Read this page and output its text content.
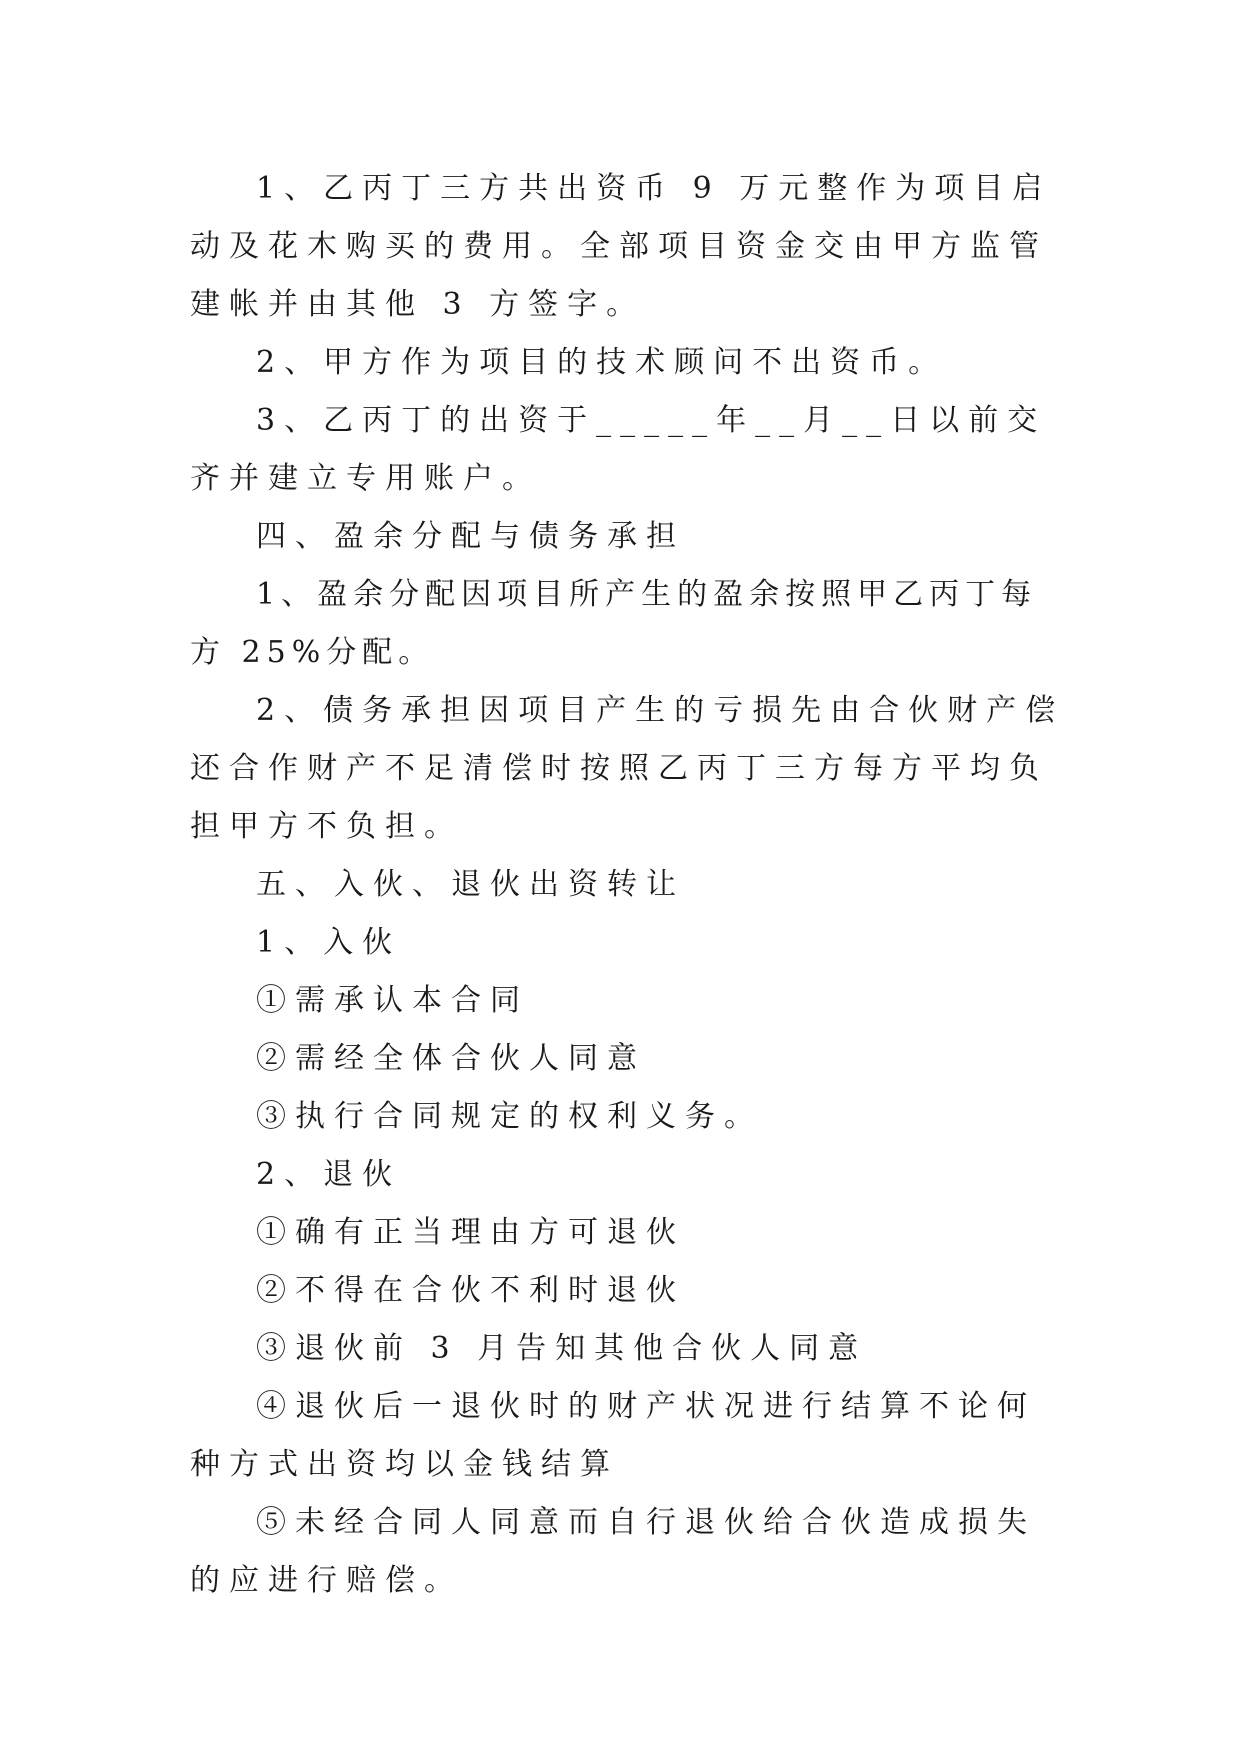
1、乙丙丁三方共出资币 9 万元整作为项目启动及花木购买的费用。全部项目资金交由甲方监管建帐并由其他 3 方签字。

2、甲方作为项目的技术顾问不出资币。

3、乙丙丁的出资于_____年__月__日以前交齐并建立专用账户。

四、盈余分配与债务承担

1、盈余分配因项目所产生的盈余按照甲乙丙丁每方 25%分配。

2、债务承担因项目产生的亏损先由合伙财产偿还合作财产不足清偿时按照乙丙丁三方每方平均负担甲方不负担。

五、入伙、退伙出资转让

1、入伙

①需承认本合同

②需经全体合伙人同意

③执行合同规定的权利义务。

2、退伙

①确有正当理由方可退伙

②不得在合伙不利时退伙

③退伙前 3 月告知其他合伙人同意

④退伙后一退伙时的财产状况进行结算不论何种方式出资均以金钱结算

⑤未经合同人同意而自行退伙给合伙造成损失的应进行赔偿。
